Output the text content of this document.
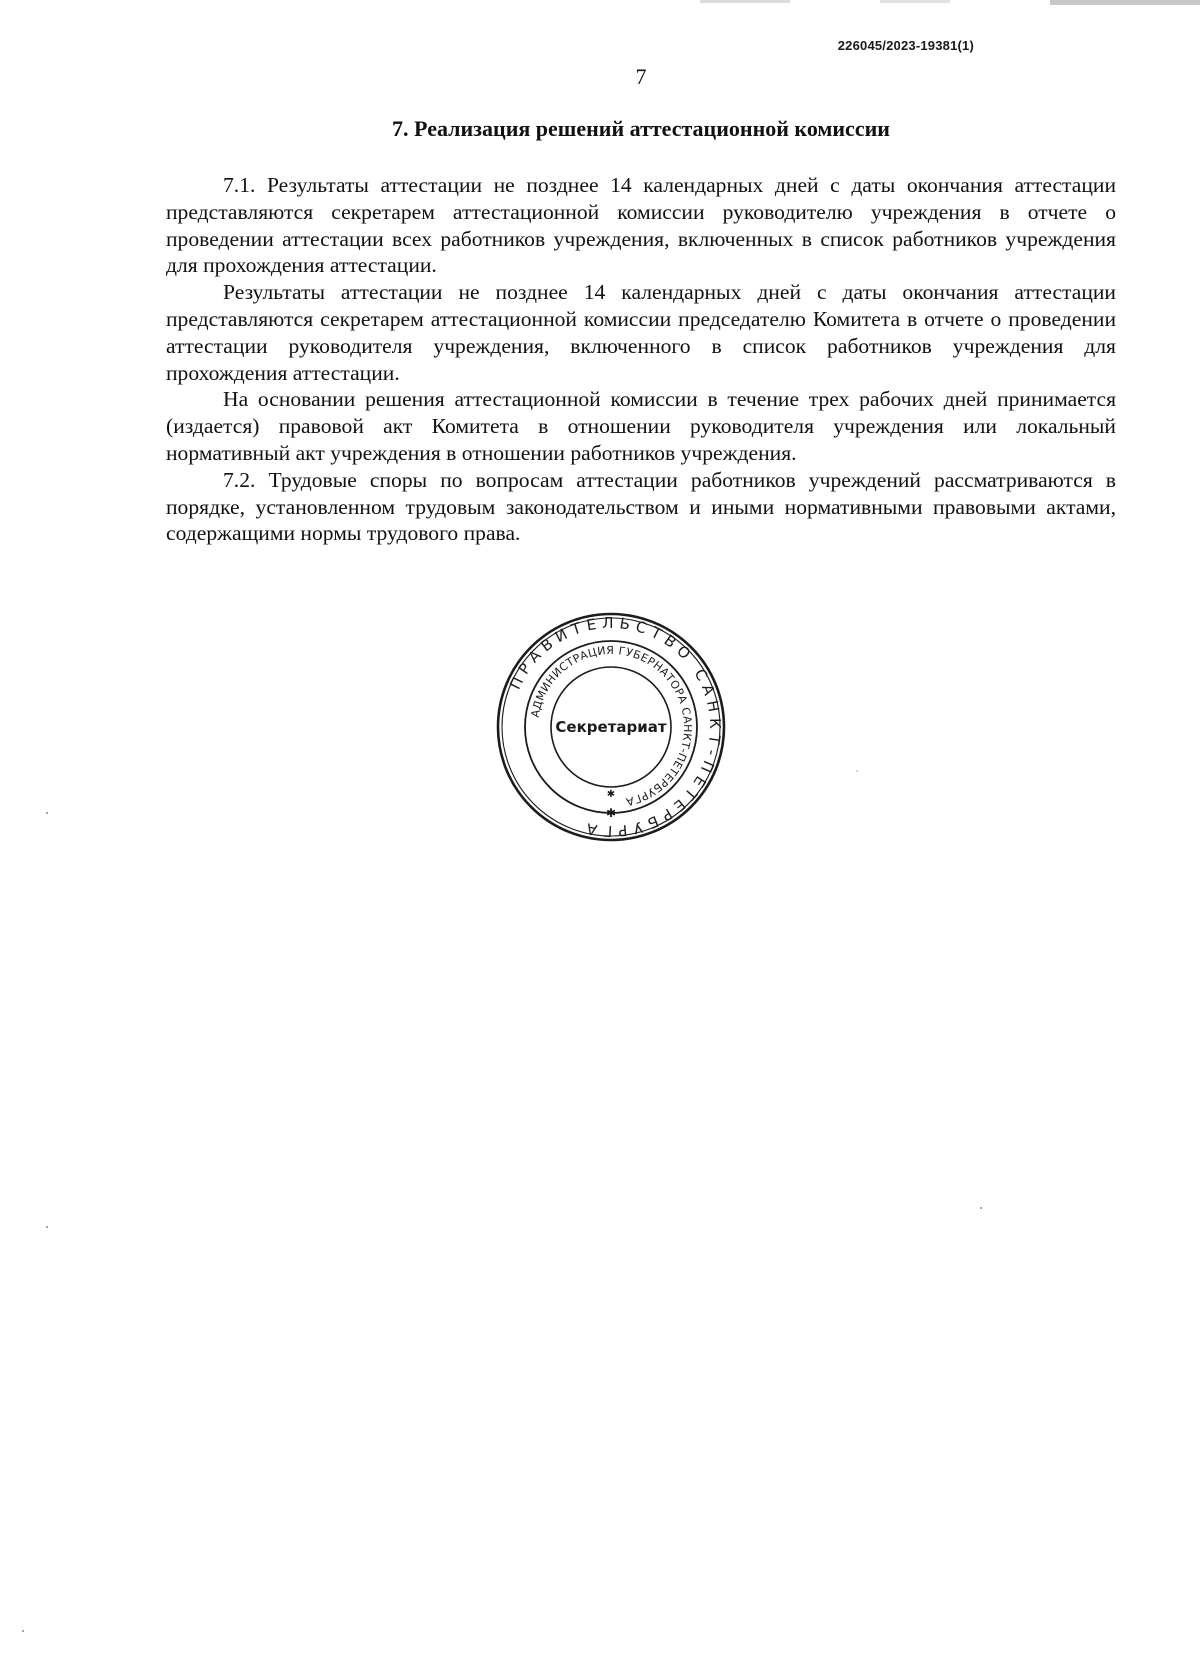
226045/2023-19381(1)
7
7. Реализация решений аттестационной комиссии

7.1. Результаты аттестации не позднее 14 календарных дней с даты окончания аттестации представляются секретарем аттестационной комиссии руководителю учреждения в отчете о проведении аттестации всех работников учреждения, включенных в список работников учреждения для прохождения аттестации.

Результаты аттестации не позднее 14 календарных дней с даты окончания аттестации представляются секретарем аттестационной комиссии председателю Комитета в отчете о проведении аттестации руководителя учреждения, включенного в список работников учреждения для прохождения аттестации.

На основании решения аттестационной комиссии в течение трех рабочих дней принимается (издается) правовой акт Комитета в отношении руководителя учреждения или локальный нормативный акт учреждения в отношении работников учреждения.

7.2. Трудовые споры по вопросам аттестации работников учреждений рассматриваются в порядке, установленном трудовым законодательством и иными нормативными правовыми актами, содержащими нормы трудового права.

ПРАВИТЕЛЬСТВО САНКТ-ПЕТЕРБУРГА
АДМИНИСТРАЦИЯ ГУБЕРНАТОРА САНКТ-ПЕТЕРБУРГА
Секретариат
✱
✱
